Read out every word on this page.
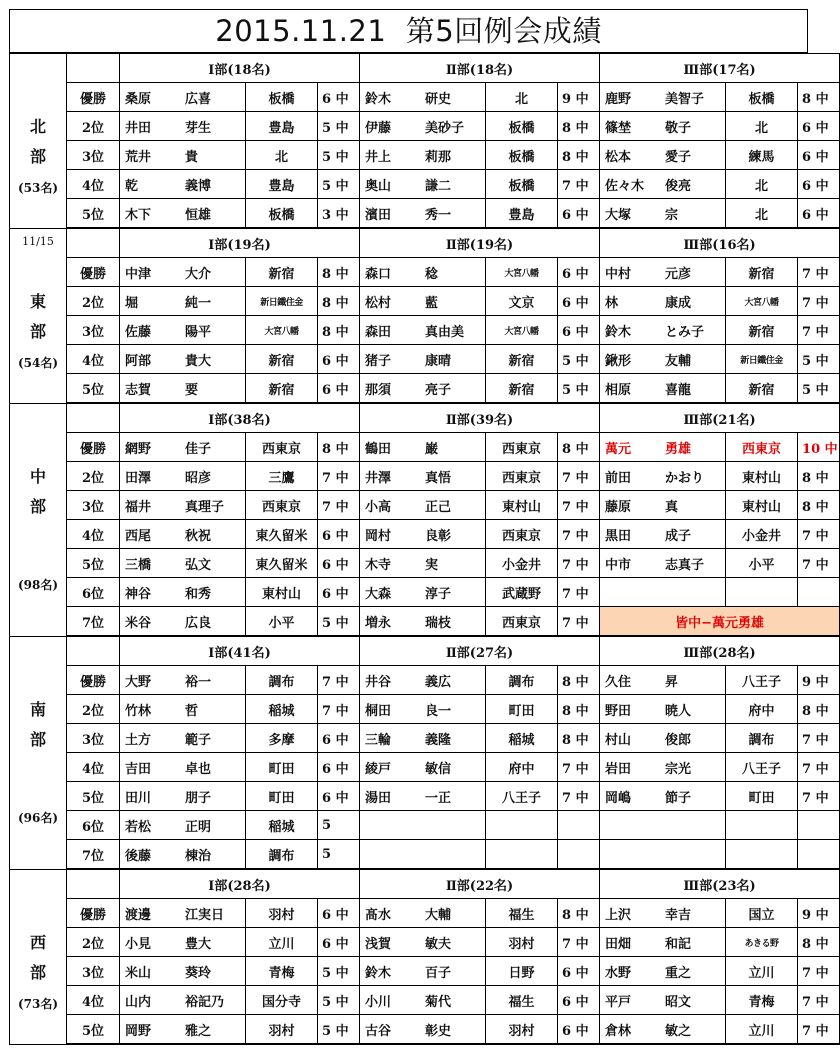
2015.11.21  第5回例会成績
北
部
(53名)		Ⅰ部(18名)			Ⅱ部(18名)			Ⅲ部(17名)		
	優勝	桑原 広喜	板橋	6 中	鈴木 研史	北	9 中	鹿野 美智子	板橋	8 中
	2位	井田 芽生	豊島	5 中	伊藤 美砂子	板橋	8 中	篠埜 敬子	北	6 中
	3位	荒井 貴	北	5 中	井上 莉那	板橋	8 中	松本 愛子	練馬	6 中
	4位	乾 義博	豊島	5 中	奥山 謙二	板橋	7 中	佐々木 俊亮	北	6 中
	5位	木下 恒雄	板橋	3 中	濱田 秀一	豊島	6 中	大塚 宗	北	6 中

11/15
東
部
(54名)		Ⅰ部(19名)			Ⅱ部(19名)			Ⅲ部(16名)		
	優勝	中津 大介	新宿	8 中	森口 稔	大宮八幡	6 中	中村 元彦	新宿	7 中
	2位	堀 純一	新日鐵住金	8 中	松村 藍	文京	6 中	林 康成	大宮八幡	7 中
	3位	佐藤 陽平	大宮八幡	8 中	森田 真由美	大宮八幡	6 中	鈴木 とみ子	新宿	7 中
	4位	阿部 貴大	新宿	6 中	猪子 康晴	新宿	5 中	鍬形 友輔	新日鐵住金	5 中
	5位	志賀 要	新宿	6 中	那須 亮子	新宿	5 中	相原 喜龍	新宿	5 中

中
部
(98名)		Ⅰ部(38名)			Ⅱ部(39名)			Ⅲ部(21名)		
	優勝	網野 佳子	西東京	8 中	鶴田 巌	西東京	8 中	萬元 勇雄	西東京	10 中
	2位	田澤 昭彦	三鷹	7 中	井澤 真悟	西東京	7 中	前田 かおり	東村山	8 中
	3位	福井 真理子	西東京	7 中	小高 正己	東村山	7 中	藤原 真	東村山	8 中
	4位	西尾 秋祝	東久留米	6 中	岡村 良彰	西東京	7 中	黒田 成子	小金井	7 中
	5位	三橋 弘文	東久留米	6 中	木寺 実	小金井	7 中	中市 志真子	小平	7 中
	6位	神谷 和秀	東村山	6 中	大森 淳子	武蔵野	7 中			
	7位	米谷 広良	小平	5 中	増永 瑞枝	西東京	7 中	皆中−萬元勇雄		

南
部
(96名)		Ⅰ部(41名)			Ⅱ部(27名)			Ⅲ部(28名)		
	優勝	大野 裕一	調布	7 中	井谷 義広	調布	8 中	久住 昇	八王子	9 中
	2位	竹林 哲	稲城	7 中	桐田 良一	町田	8 中	野田 暁人	府中	8 中
	3位	土方 範子	多摩	6 中	三輪 義隆	稲城	8 中	村山 俊郎	調布	7 中
	4位	吉田 卓也	町田	6 中	綾戸 敏信	府中	7 中	岩田 宗光	八王子	7 中
	5位	田川 朋子	町田	6 中	湯田 一正	八王子	7 中	岡嶋 節子	町田	7 中
	6位	若松 正明	稲城	5						
	7位	後藤 棟治	調布	5						

西
部
(73名)		Ⅰ部(28名)			Ⅱ部(22名)			Ⅲ部(23名)		
	優勝	渡邊 江実日	羽村	6 中	髙水 大輔	福生	8 中	上沢 幸吉	国立	9 中
	2位	小見 豊大	立川	6 中	浅賀 敏夫	羽村	7 中	田畑 和記	あきる野	8 中
	3位	米山 葵玲	青梅	5 中	鈴木 百子	日野	6 中	水野 重之	立川	7 中
	4位	山内 裕記乃	国分寺	5 中	小川 菊代	福生	6 中	平戸 昭文	青梅	7 中
	5位	岡野 雅之	羽村	5 中	古谷 彰史	羽村	6 中	倉林 敏之	立川	7 中
